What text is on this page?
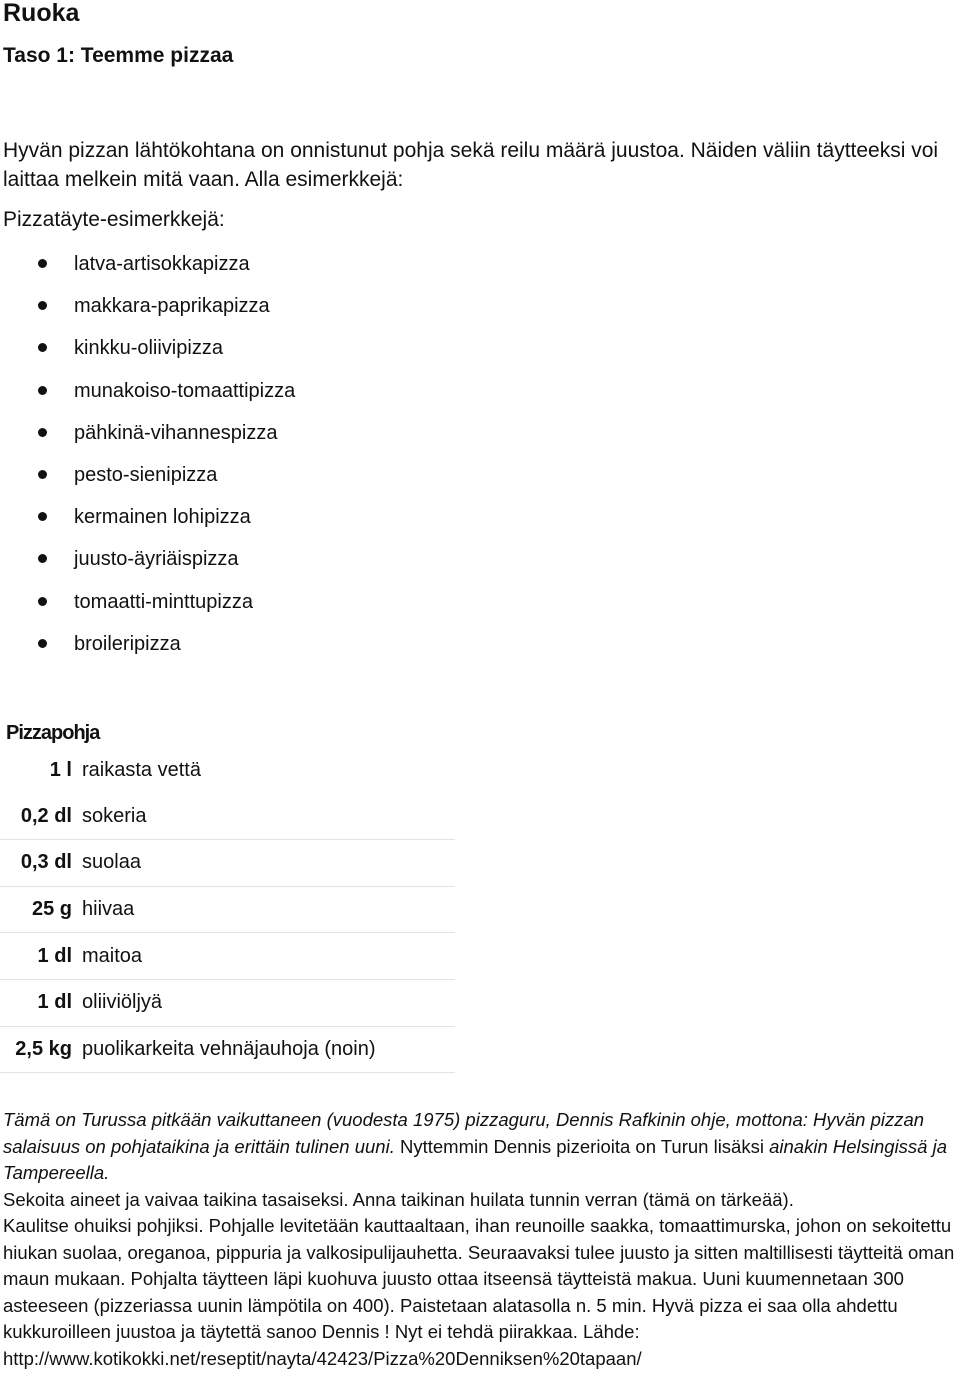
Ruoka
Taso 1: Teemme pizzaa
Hyvän pizzan lähtökohtana on onnistunut pohja sekä reilu määrä juustoa. Näiden väliin täytteeksi voi laittaa melkein mitä vaan. Alla esimerkkejä:
Pizzatäyte-esimerkkejä:
latva-artisokkapizza
makkara-paprikapizza
kinkku-oliivipizza
munakoiso-tomaattipizza
pähkinä-vihannespizza
pesto-sienipizza
kermainen lohipizza
juusto-äyriäispizza
tomaatti-minttupizza
broileripizza
Pizzapohja
1 l raikasta vettä
0,2 dl sokeria
0,3 dl suolaa
25 g hiivaa
1 dl maitoa
1 dl oliiviöljyä
2,5 kg puolikarkeita vehnäjauhoja (noin)
Tämä on Turussa pitkään vaikuttaneen (vuodesta 1975) pizzaguru, Dennis Rafkinin ohje, mottona: Hyvän pizzan salaisuus on pohjataikina ja erittäin tulinen uuni. Nyttemmin Dennis pizerioita on Turun lisäksi ainakin Helsingissä ja Tampereella.
Sekoita aineet ja vaivaa taikina tasaiseksi. Anna taikinan huilata tunnin verran (tämä on tärkeää).
Kaulitse ohuiksi pohjiksi. Pohjalle levitetään kauttaaltaan, ihan reunoille saakka, tomaattimurska, johon on sekoitettu hiukan suolaa, oreganoa, pippuria ja valkosipulijauhetta. Seuraavaksi tulee juusto ja sitten maltillisesti täytteitä oman maun mukaan. Pohjalta täytteen läpi kuohuva juusto ottaa itseensä täytteistä makua. Uuni kuumennetaan 300 asteeseen (pizzeriassa uunin lämpötila on 400). Paistetaan alatasolla n. 5 min. Hyvä pizza ei saa olla ahdettu kukkuroilleen juustoa ja täytettä sanoo Dennis ! Nyt ei tehdä piirakkaa. Lähde: http://www.kotikokki.net/reseptit/nayta/42423/Pizza%20Denniksen%20tapaan/
